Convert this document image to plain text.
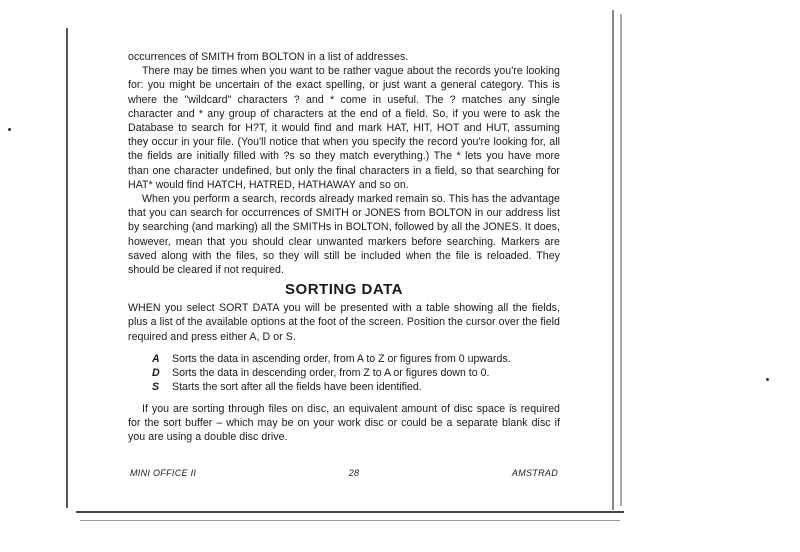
occurrences of SMITH from BOLTON in a list of addresses.

There may be times when you want to be rather vague about the records you're looking for: you might be uncertain of the exact spelling, or just want a general category. This is where the "wildcard" characters ? and * come in useful. The ? matches any single character and * any group of characters at the end of a field. So, if you were to ask the Database to search for H?T, it would find and mark HAT, HIT, HOT and HUT, assuming they occur in your file. (You'll notice that when you specify the record you're looking for, all the fields are initially filled with ?s so they match everything.) The * lets you have more than one character undefined, but only the final characters in a field, so that searching for HAT* would find HATCH, HATRED, HATHAWAY and so on.

When you perform a search, records already marked remain so. This has the advantage that you can search for occurrences of SMITH or JONES from BOLTON in our address list by searching (and marking) all the SMITHs in BOLTON, followed by all the JONES. It does, however, mean that you should clear unwanted markers before searching. Markers are saved along with the files, so they will still be included when the file is reloaded. They should be cleared if not required.

SORTING DATA

WHEN you select SORT DATA you will be presented with a table showing all the fields, plus a list of the available options at the foot of the screen. Position the cursor over the field required and press either A, D or S.

A	Sorts the data in ascending order, from A to Z or figures from 0 upwards.
D	Sorts the data in descending order, from Z to A or figures down to 0.
S	Starts the sort after all the fields have been identified.

If you are sorting through files on disc, an equivalent amount of disc space is required for the sort buffer – which may be on your work disc or could be a separate blank disc if you are using a double disc drive.

MINI OFFICE II	28	AMSTRAD
